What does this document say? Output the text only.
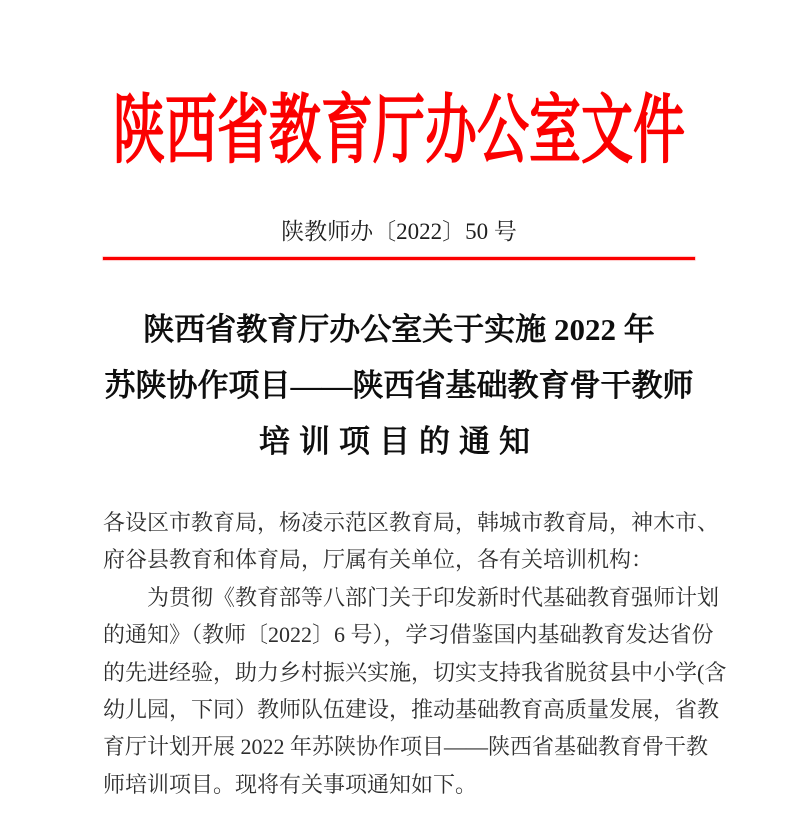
陕西省教育厅办公室文件
陕教师办〔2022〕50 号
陕西省教育厅办公室关于实施 2022 年
苏陕协作项目——陕西省基础教育骨干教师
培训项目的通知
各设区市教育局，杨凌示范区教育局，韩城市教育局，神木市、
府谷县教育和体育局，厅属有关单位，各有关培训机构：
为贯彻《教育部等八部门关于印发新时代基础教育强师计划
的通知》（教师〔2022〕6 号），学习借鉴国内基础教育发达省份
的先进经验，助力乡村振兴实施，切实支持我省脱贫县中小学(含
幼儿园，下同）教师队伍建设，推动基础教育高质量发展，省教
育厅计划开展 2022 年苏陕协作项目——陕西省基础教育骨干教
师培训项目。现将有关事项通知如下。
